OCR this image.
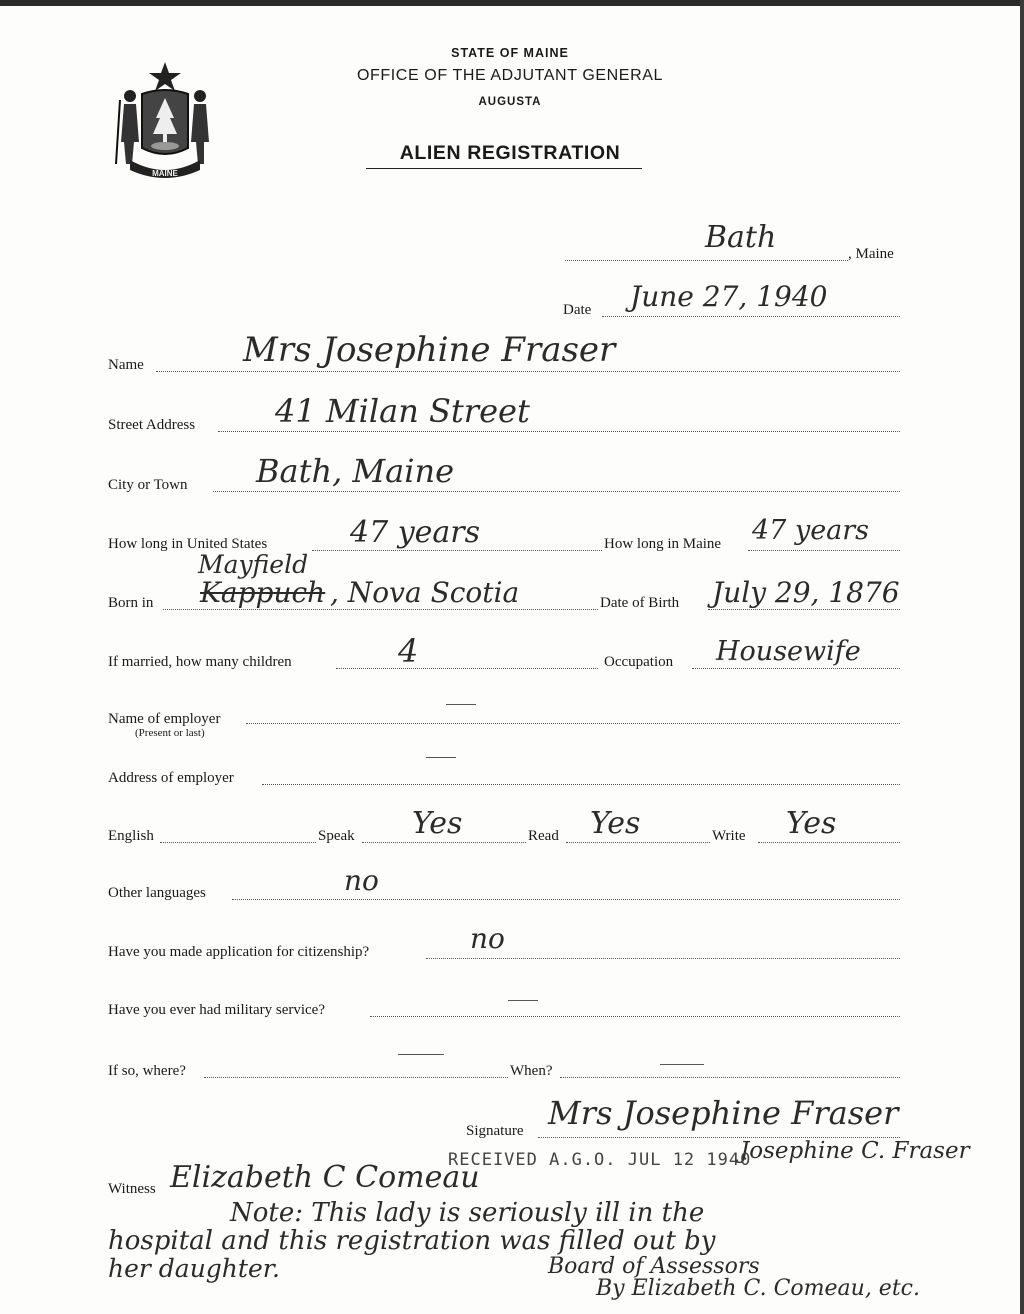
MAINE
STATE OF MAINE
OFFICE OF THE ADJUTANT GENERAL
AUGUSTA
ALIEN REGISTRATION
Bath	, Maine
Date June 27, 1940
Name	Mrs Josephine Fraser
Street Address 41 Milan Street
City or Town Bath, Maine
How long in United States	47 years	How long in Maine 47 years
Mayfield
Born in Kappuch , Nova Scotia	Date of Birth July 29, 1876
If married, how many children	4	Occupation Housewife
Name of employer
(Present or last)
Address of employer
English	Speak Yes	Read Yes	Write Yes
Other languages	no
Have you made application for citizenship?	no
Have you ever had military service?
If so, where?	When?
Signature Mrs Josephine Fraser
Josephine C. Fraser
RECEIVED A.G.O. JUL 12 1940
Witness Elizabeth C Comeau
Note: This lady is seriously ill in the
hospital and this registration was filled out by
her daughter.	Board of Assessors
By Elizabeth C. Comeau, etc.
